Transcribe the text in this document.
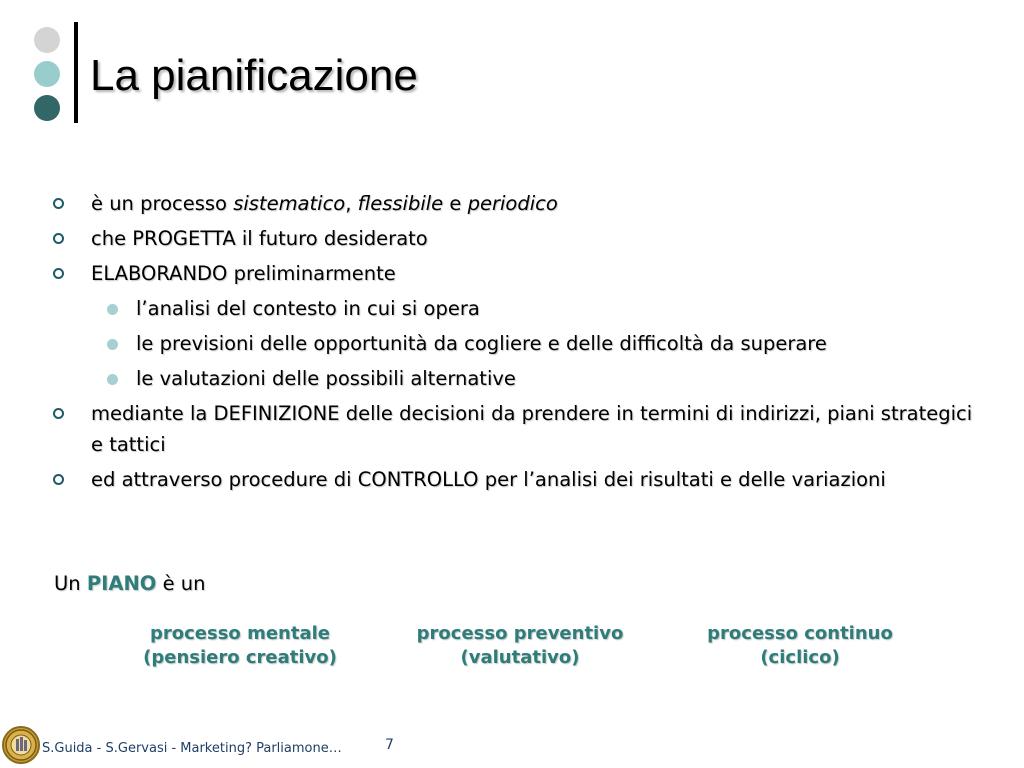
La pianificazione
è un processo sistematico, flessibile e periodico
che PROGETTA il futuro desiderato
ELABORANDO preliminarmente
l’analisi del contesto in cui si opera
le previsioni delle opportunità da cogliere e delle difficoltà da superare
le valutazioni delle possibili alternative
mediante la DEFINIZIONE delle decisioni da prendere in termini di indirizzi, piani strategici e tattici
ed attraverso procedure di CONTROLLO per l’analisi dei risultati e delle variazioni
Un PIANO è un
processo mentale
(pensiero creativo)
processo preventivo
(valutativo)
processo continuo
(ciclico)
S.Guida - S.Gervasi - Marketing? Parliamone…	7
